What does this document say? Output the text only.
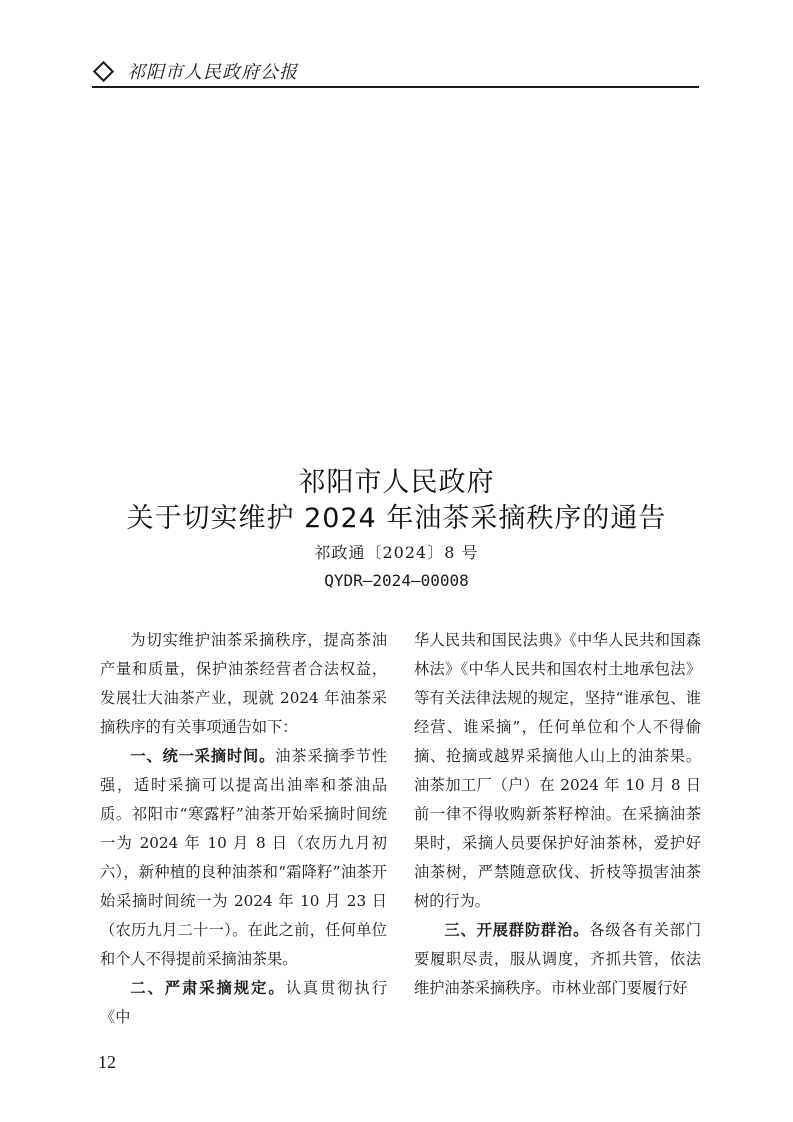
祁阳市人民政府公报
祁阳市人民政府
关于切实维护 2024 年油茶采摘秩序的通告
祁政通〔2024〕8 号
QYDR—2024—00008

为切实维护油茶采摘秩序，提高茶油产量和质量，保护油茶经营者合法权益，发展壮大油茶产业，现就 2024 年油茶采摘秩序的有关事项通告如下：

一、统一采摘时间。油茶采摘季节性强，适时采摘可以提高出油率和茶油品质。祁阳市“寒露籽”油茶开始采摘时间统一为 2024 年 10 月 8 日（农历九月初六），新种植的良种油茶和“霜降籽”油茶开始采摘时间统一为 2024 年 10 月 23 日（农历九月二十一）。在此之前，任何单位和个人不得提前采摘油茶果。

二、严肃采摘规定。认真贯彻执行《中

华人民共和国民法典》《中华人民共和国森林法》《中华人民共和国农村土地承包法》等有关法律法规的规定，坚持“谁承包、谁经营、谁采摘”，任何单位和个人不得偷摘、抢摘或越界采摘他人山上的油茶果。油茶加工厂（户）在 2024 年 10 月 8 日前一律不得收购新茶籽榨油。在采摘油茶果时，采摘人员要保护好油茶林，爱护好油茶树，严禁随意砍伐、折枝等损害油茶树的行为。

三、开展群防群治。各级各有关部门要履职尽责，服从调度，齐抓共管，依法维护油茶采摘秩序。市林业部门要履行好

12
